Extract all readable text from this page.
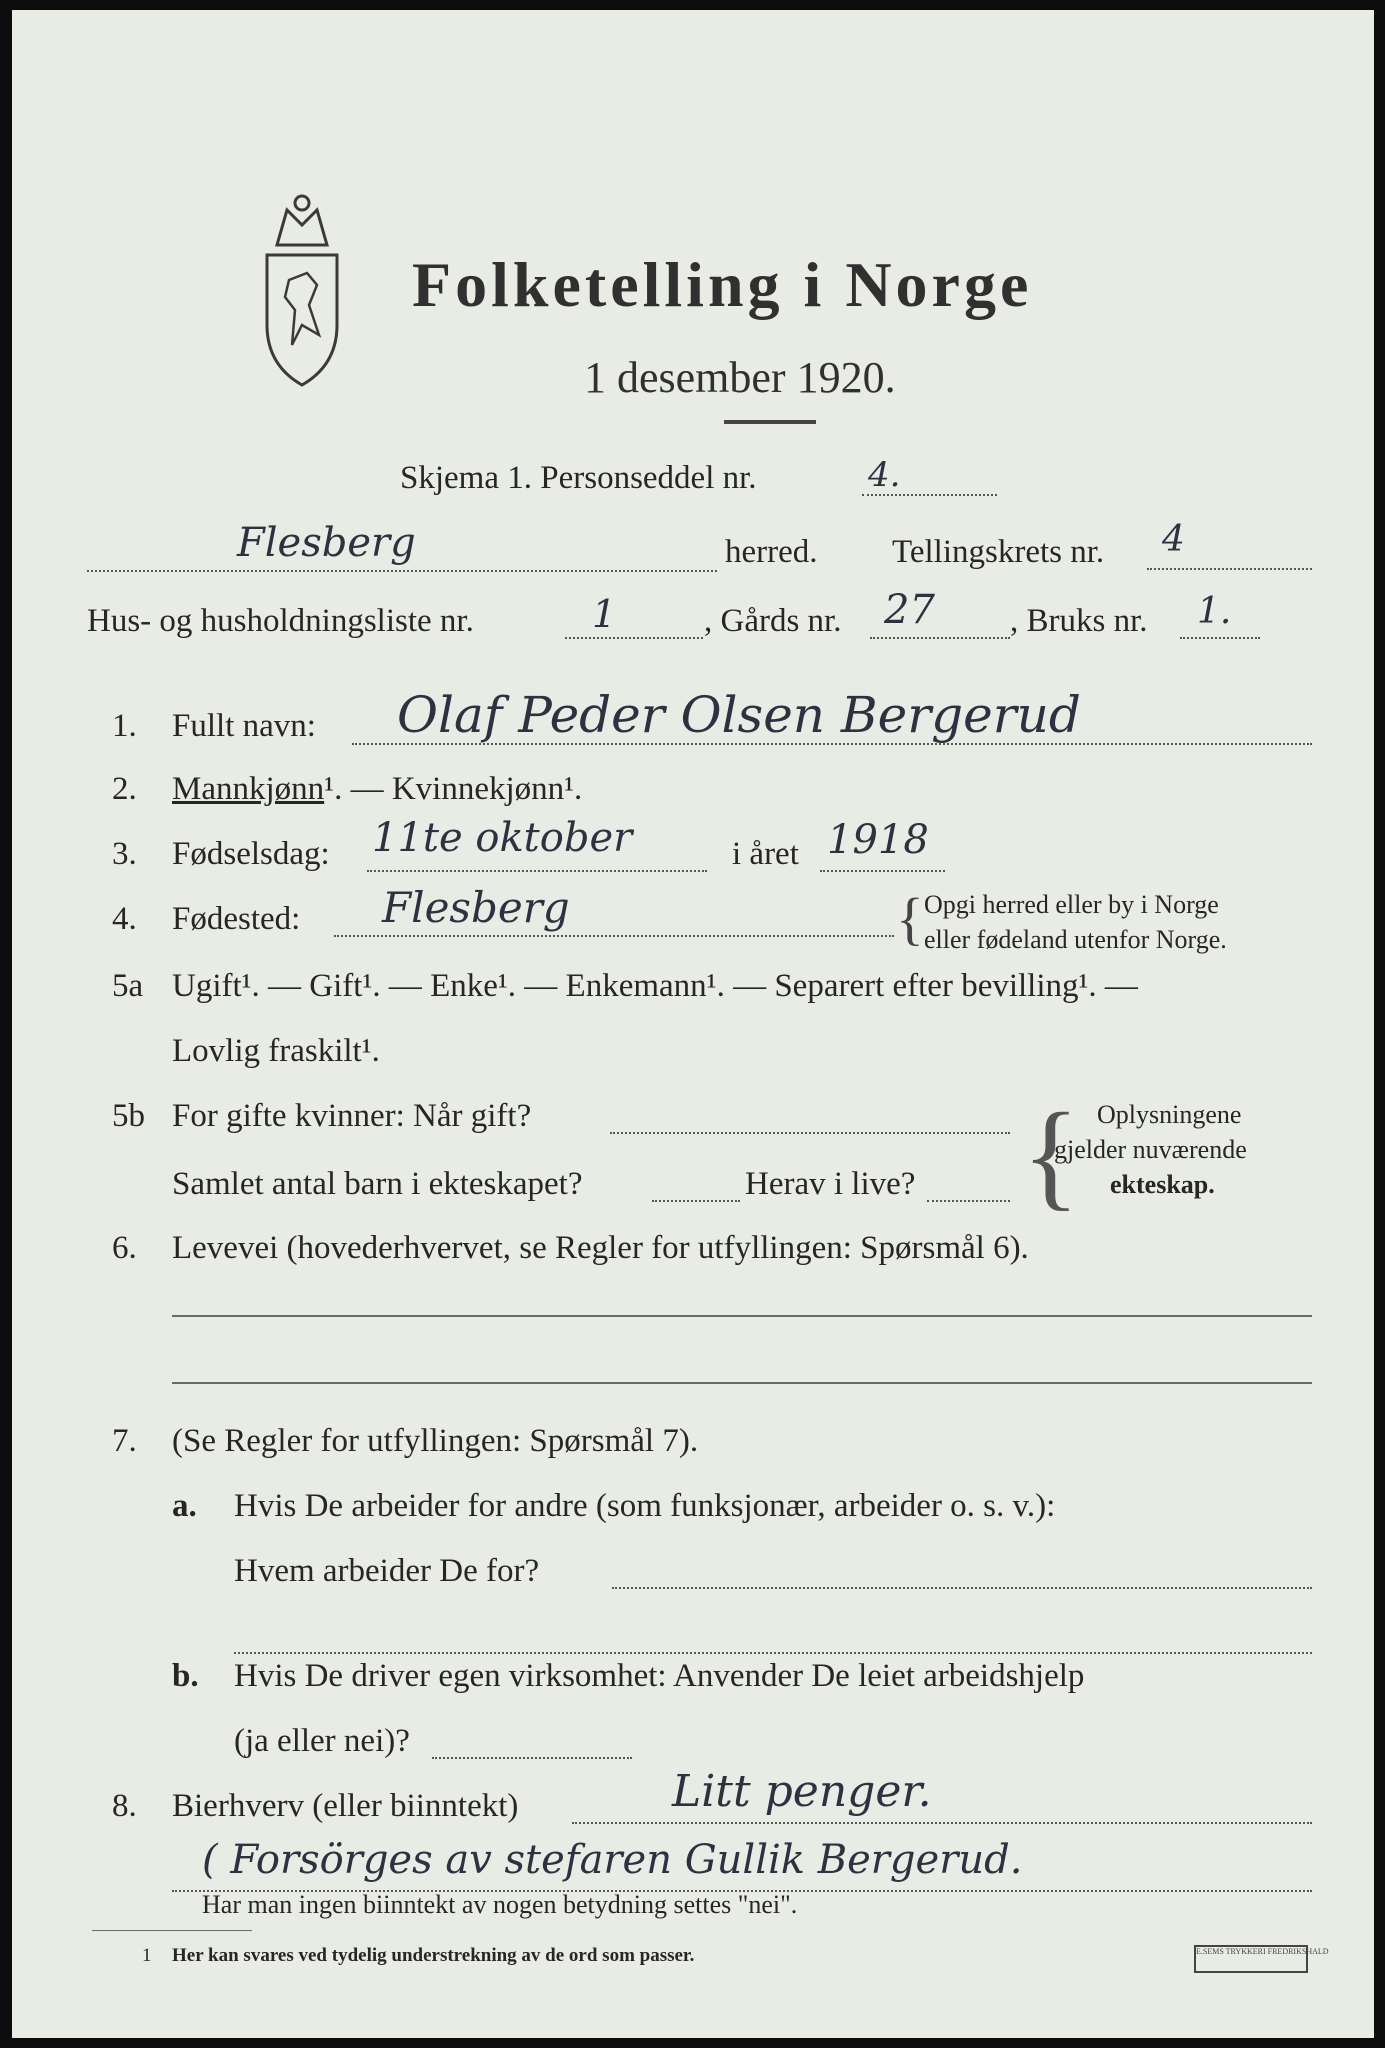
Folketelling i Norge
1 desember 1920.
Skjema 1. Personseddel nr.	4.
Flesberg	herred. Tellingskrets nr. 4
Hus- og husholdningsliste nr.	1	, Gårds nr. 27 , Bruks nr. 1.
1. Fullt navn: Olaf Peder Olsen Bergerud
2. Mannkjønn¹. — Kvinnekjønn¹.
3. Fødselsdag: 11te oktober	i året 1918
4. Fødested: Flesberg	{ Opgi herred eller by i Norge
eller fødeland utenfor Norge.
5a Ugift¹. — Gift¹. — Enke¹. — Enkemann¹. — Separert efter bevilling¹. —
Lovlig fraskilt¹.
5b For gifte kvinner: Når gift?
Samlet antal barn i ekteskapet?	Herav i live? { Oplysningene
gjelder nuværende
ekteskap.
6. Levevei (hovederhvervet, se Regler for utfyllingen: Spørsmål 6).
7. (Se Regler for utfyllingen: Spørsmål 7).
a. Hvis De arbeider for andre (som funksjonær, arbeider o. s. v.):
Hvem arbeider De for?
b. Hvis De driver egen virksomhet: Anvender De leiet arbeidshjelp
(ja eller nei)?
8. Bierhverv (eller biinntekt)	Litt penger.
( Forsörges av stefaren Gullik Bergerud.
Har man ingen biinntekt av nogen betydning settes "nei".
1 Her kan svares ved tydelig understrekning av de ord som passer.	E.SEMS TRYKKERI FREDRIKSHALD
